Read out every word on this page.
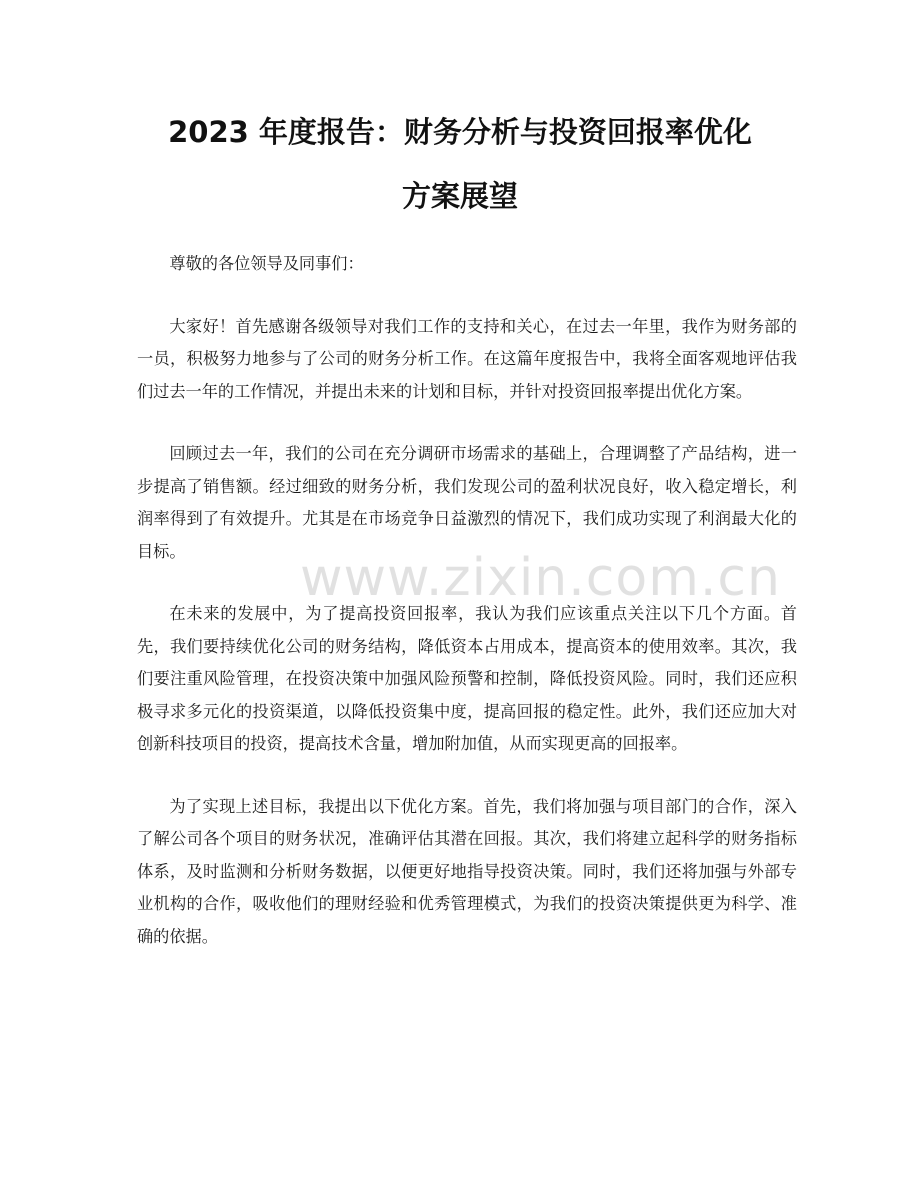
2023 年度报告：财务分析与投资回报率优化
方案展望

尊敬的各位领导及同事们：

大家好！首先感谢各级领导对我们工作的支持和关心，在过去一年里，我作为财务部的一员，积极努力地参与了公司的财务分析工作。在这篇年度报告中，我将全面客观地评估我们过去一年的工作情况，并提出未来的计划和目标，并针对投资回报率提出优化方案。

回顾过去一年，我们的公司在充分调研市场需求的基础上，合理调整了产品结构，进一步提高了销售额。经过细致的财务分析，我们发现公司的盈利状况良好，收入稳定增长，利润率得到了有效提升。尤其是在市场竞争日益激烈的情况下，我们成功实现了利润最大化的目标。

在未来的发展中，为了提高投资回报率，我认为我们应该重点关注以下几个方面。首先，我们要持续优化公司的财务结构，降低资本占用成本，提高资本的使用效率。其次，我们要注重风险管理，在投资决策中加强风险预警和控制，降低投资风险。同时，我们还应积极寻求多元化的投资渠道，以降低投资集中度，提高回报的稳定性。此外，我们还应加大对创新科技项目的投资，提高技术含量，增加附加值，从而实现更高的回报率。

为了实现上述目标，我提出以下优化方案。首先，我们将加强与项目部门的合作，深入了解公司各个项目的财务状况，准确评估其潜在回报。其次，我们将建立起科学的财务指标体系，及时监测和分析财务数据，以便更好地指导投资决策。同时，我们还将加强与外部专业机构的合作，吸收他们的理财经验和优秀管理模式，为我们的投资决策提供更为科学、准确的依据。

www.zixin.com.cn
